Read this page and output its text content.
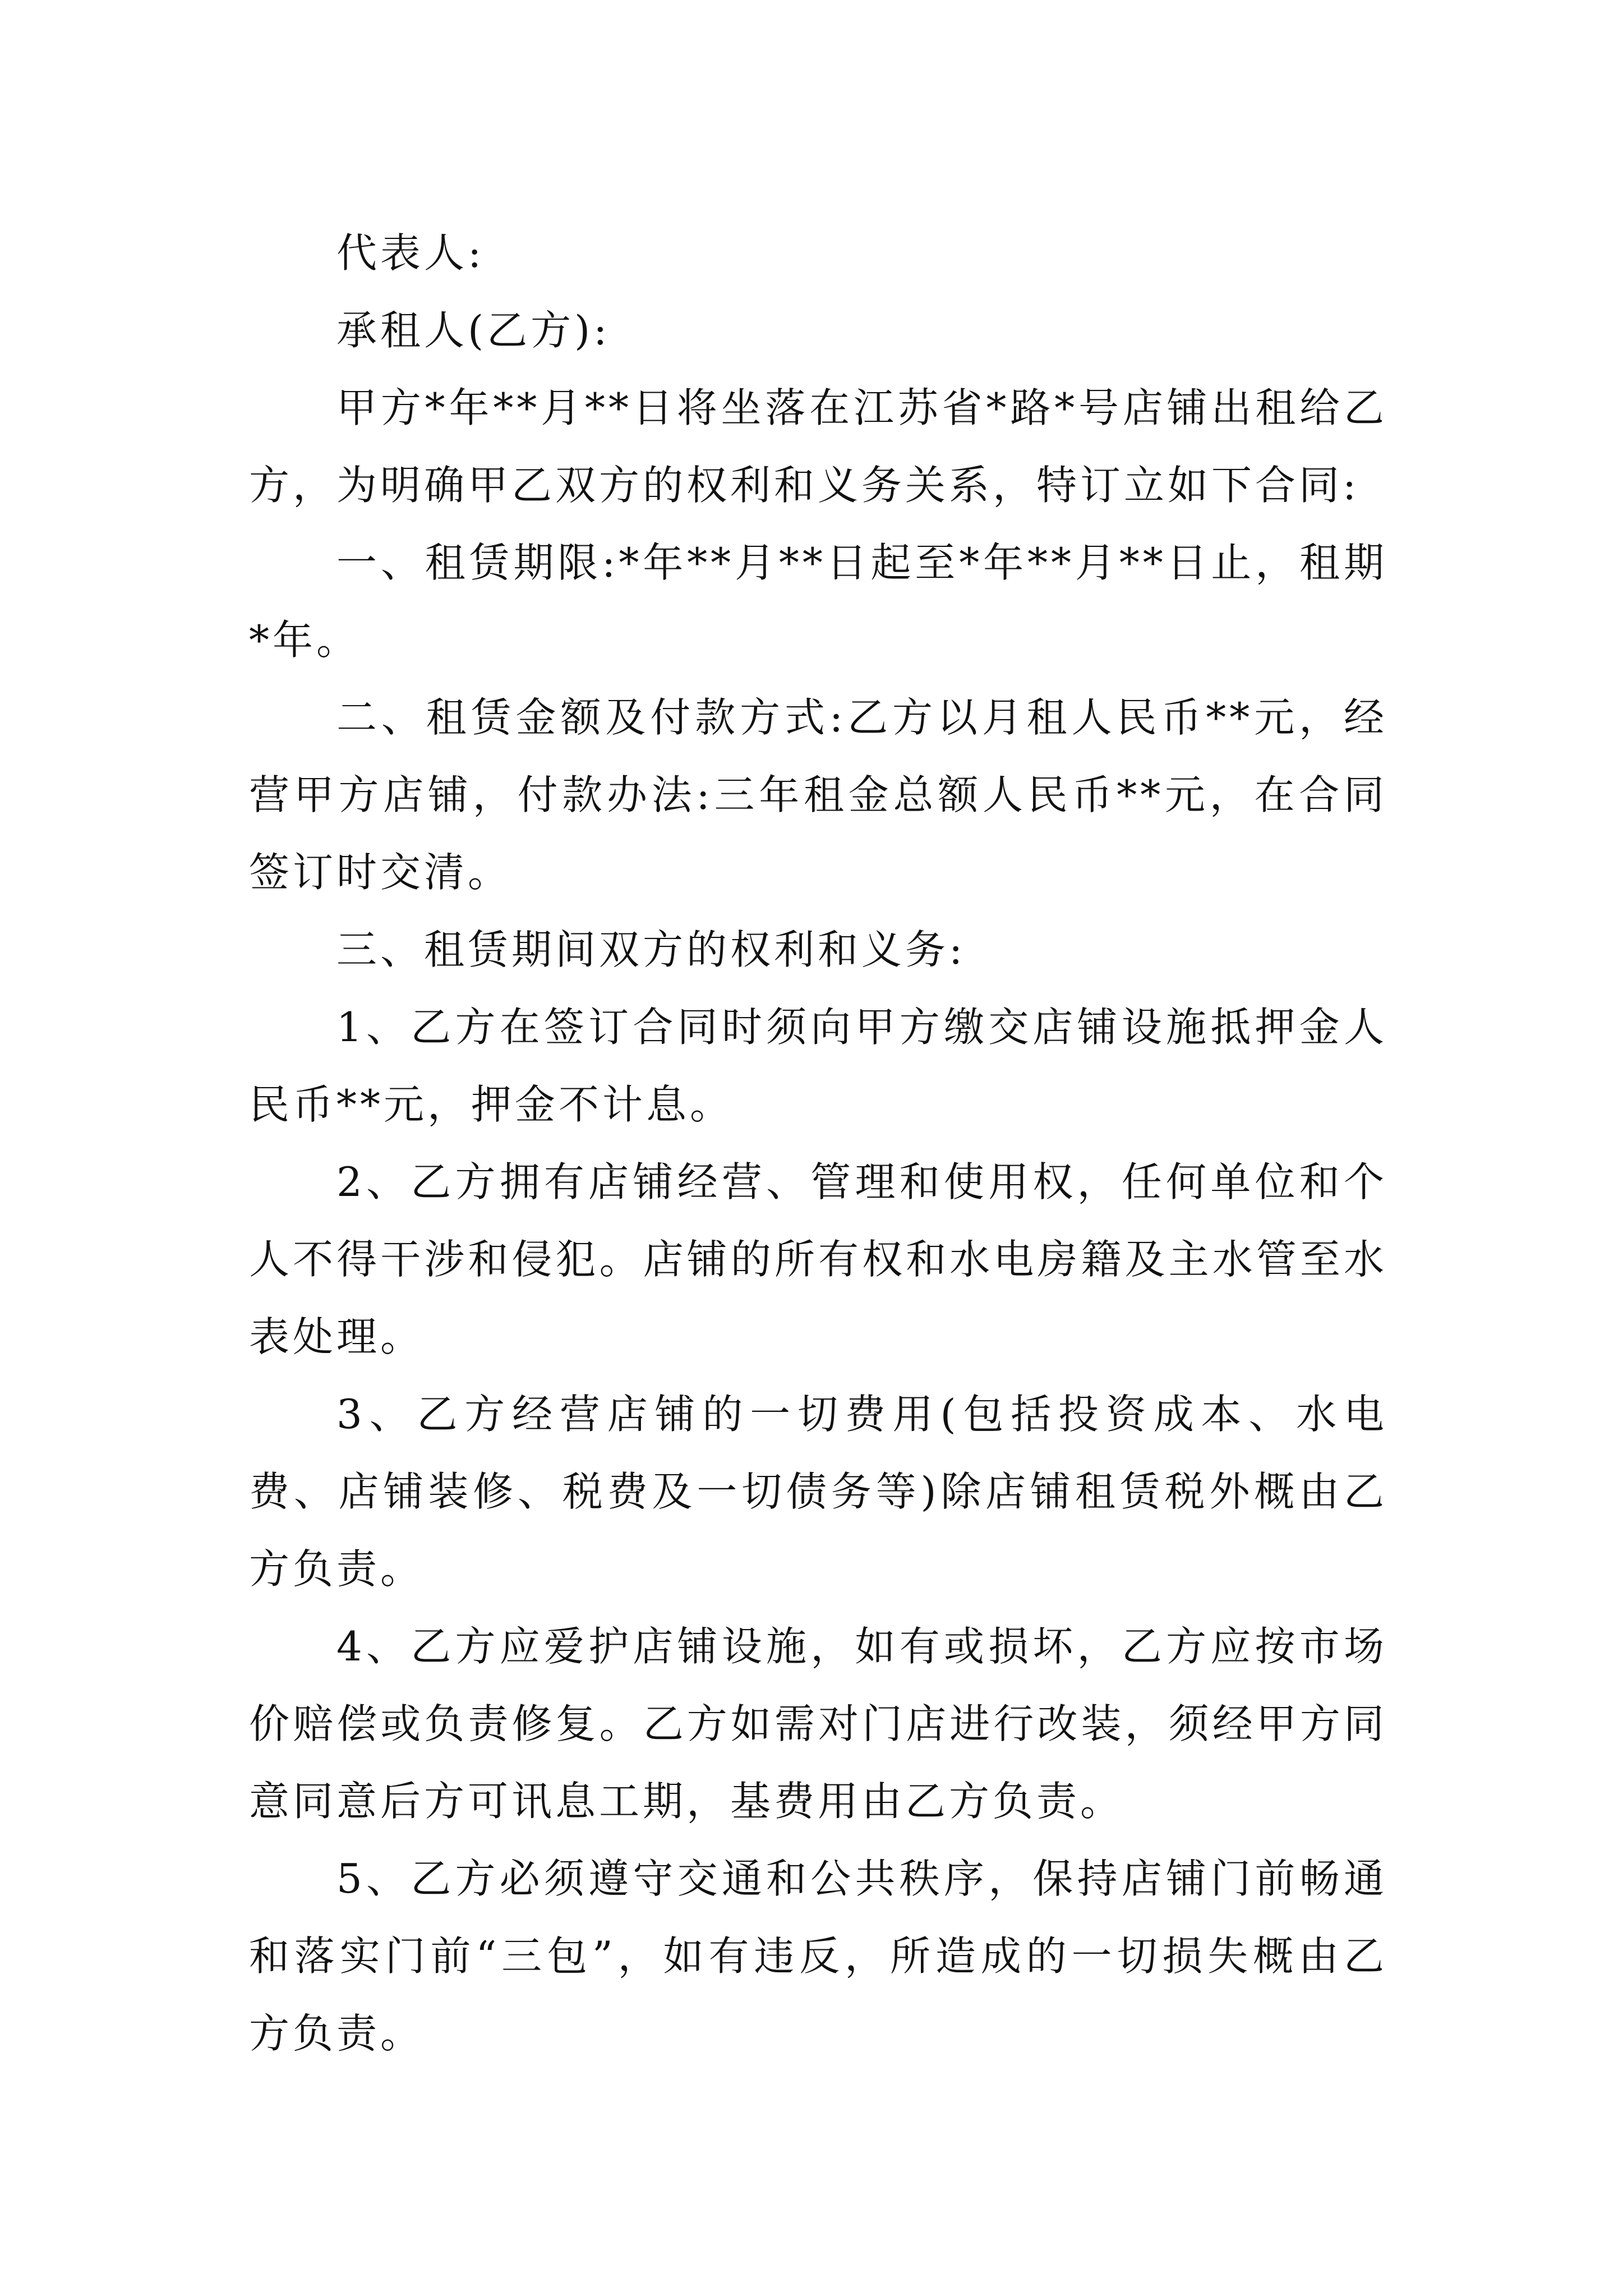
代表人:

承租人(乙方):

甲方*年**月**日将坐落在江苏省*路*号店铺出租给乙方，为明确甲乙双方的权利和义务关系，特订立如下合同:

一、租赁期限:*年**月**日起至*年**月**日止，租期*年。

二、租赁金额及付款方式:乙方以月租人民币**元，经营甲方店铺，付款办法:三年租金总额人民币**元，在合同签订时交清。

三、租赁期间双方的权利和义务:

1、乙方在签订合同时须向甲方缴交店铺设施抵押金人民币**元，押金不计息。

2、乙方拥有店铺经营、管理和使用权，任何单位和个人不得干涉和侵犯。店铺的所有权和水电房籍及主水管至水表处理。

3、乙方经营店铺的一切费用(包括投资成本、水电费、店铺装修、税费及一切债务等)除店铺租赁税外概由乙方负责。

4、乙方应爱护店铺设施，如有或损坏，乙方应按市场价赔偿或负责修复。乙方如需对门店进行改装，须经甲方同意同意后方可讯息工期，基费用由乙方负责。

5、乙方必须遵守交通和公共秩序，保持店铺门前畅通和落实门前“三包”，如有违反，所造成的一切损失概由乙方负责。
